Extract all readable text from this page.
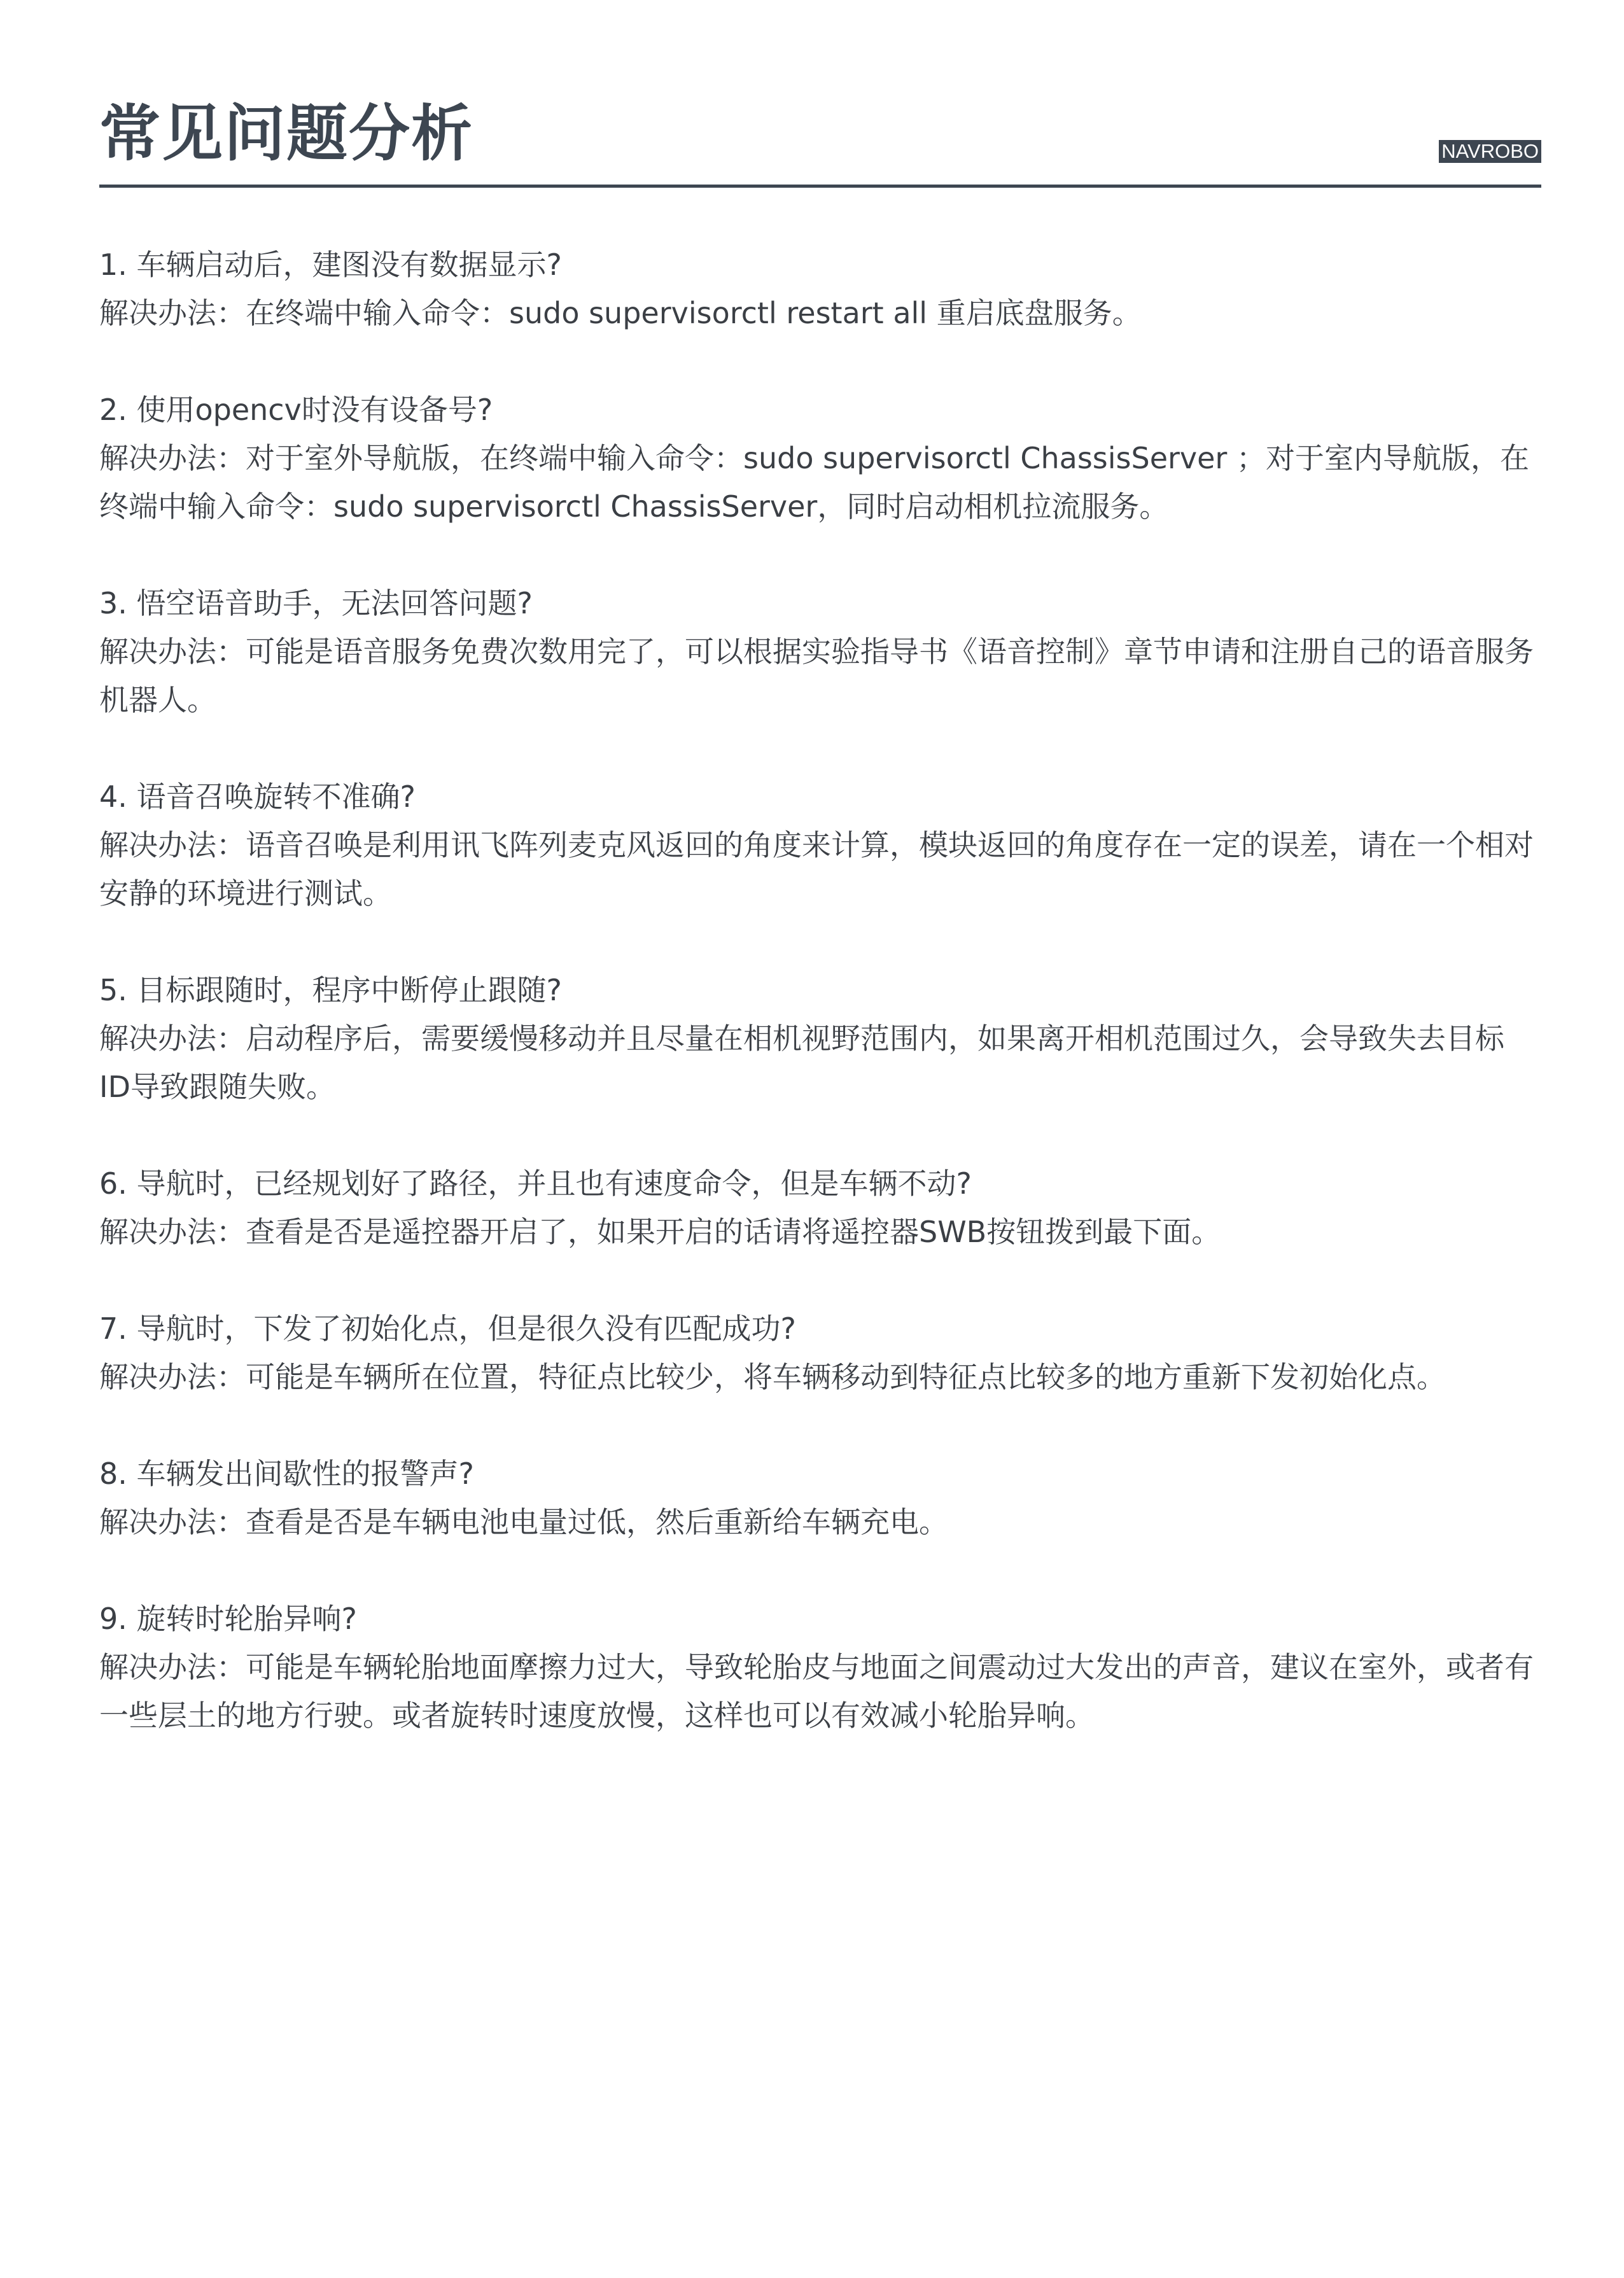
常见问题分析	NAVROBO
1. 车辆启动后，建图没有数据显示?
解决办法：在终端中输入命令：sudo supervisorctl restart all 重启底盘服务。
2. 使用opencv时没有设备号?
解决办法：对于室外导航版，在终端中输入命令：sudo supervisorctl ChassisServer ；对于室内导航版，在终端中输入命令：sudo supervisorctl ChassisServer，同时启动相机拉流服务。
3. 悟空语音助手，无法回答问题?
解决办法：可能是语音服务免费次数用完了，可以根据实验指导书《语音控制》章节申请和注册自己的语音服务机器人。
4. 语音召唤旋转不准确?
解决办法：语音召唤是利用讯飞阵列麦克风返回的角度来计算，模块返回的角度存在一定的误差，请在一个相对安静的环境进行测试。
5. 目标跟随时，程序中断停止跟随?
解决办法：启动程序后，需要缓慢移动并且尽量在相机视野范围内，如果离开相机范围过久，会导致失去目标 ID导致跟随失败。
6. 导航时，已经规划好了路径，并且也有速度命令，但是车辆不动?
解决办法：查看是否是遥控器开启了，如果开启的话请将遥控器SWB按钮拨到最下面。
7. 导航时，下发了初始化点，但是很久没有匹配成功?
解决办法：可能是车辆所在位置，特征点比较少，将车辆移动到特征点比较多的地方重新下发初始化点。
8. 车辆发出间歇性的报警声?
解决办法：查看是否是车辆电池电量过低，然后重新给车辆充电。
9. 旋转时轮胎异响?
解决办法：可能是车辆轮胎地面摩擦力过大，导致轮胎皮与地面之间震动过大发出的声音，建议在室外，或者有一些层土的地方行驶。或者旋转时速度放慢，这样也可以有效减小轮胎异响。
